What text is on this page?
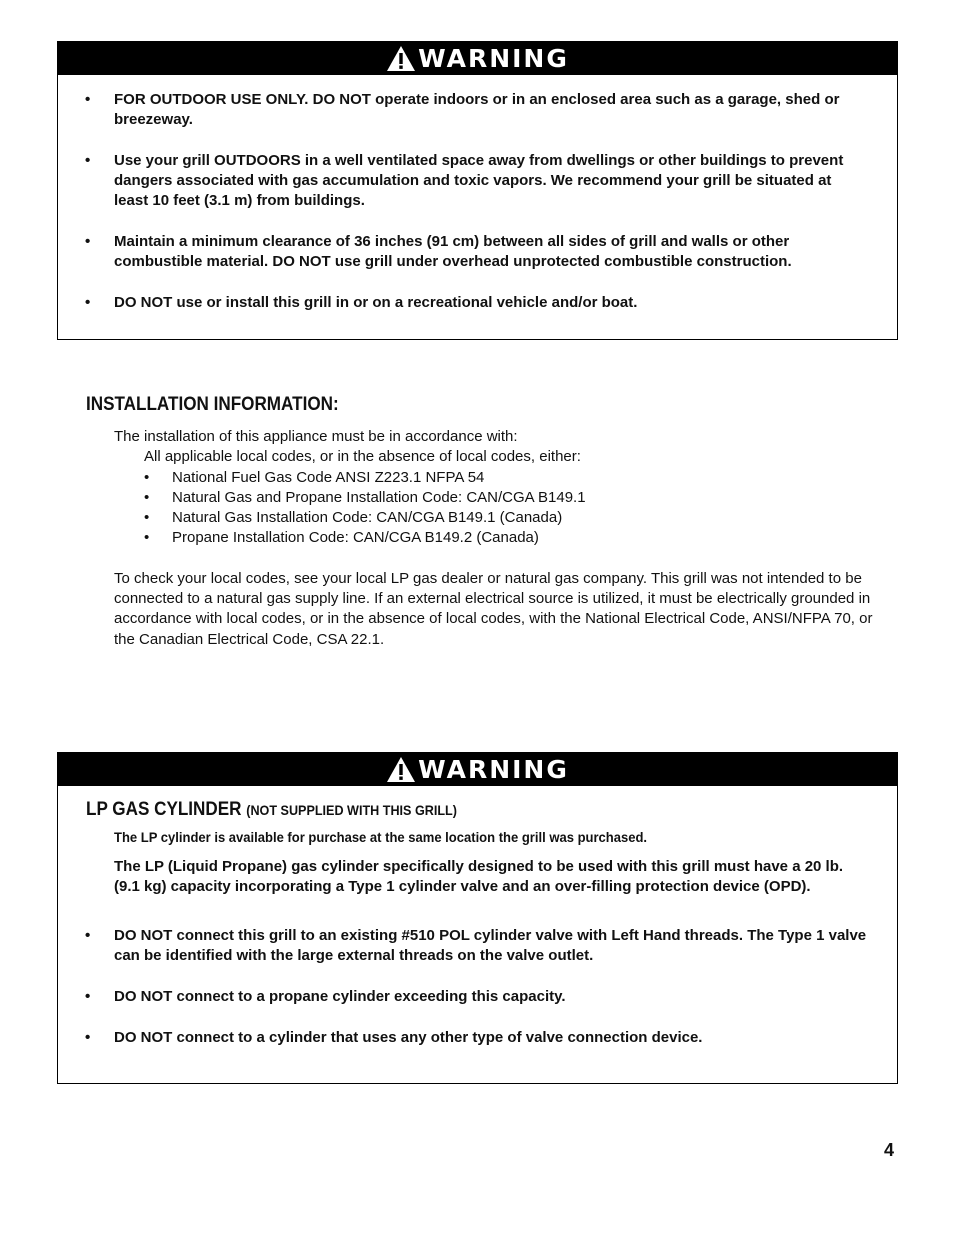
WARNING
• FOR OUTDOOR USE ONLY. DO NOT operate indoors or in an enclosed area such as a garage, shed or breezeway.
• Use your grill OUTDOORS in a well ventilated space away from dwellings or other buildings to prevent dangers associated with gas accumulation and toxic vapors. We recommend your grill be situated at least 10 feet (3.1 m) from buildings.
• Maintain a minimum clearance of 36 inches (91 cm) between all sides of grill and walls or other combustible material. DO NOT use grill under overhead unprotected combustible construction.
• DO NOT use or install this grill in or on a recreational vehicle and/or boat.
INSTALLATION INFORMATION:

The installation of this appliance must be in accordance with:

All applicable local codes, or in the absence of local codes, either:

• National Fuel Gas Code ANSI Z223.1 NFPA 54
• Natural Gas and Propane Installation Code: CAN/CGA B149.1
• Natural Gas Installation Code: CAN/CGA B149.1 (Canada)
• Propane Installation Code: CAN/CGA B149.2 (Canada)

To check your local codes, see your local LP gas dealer or natural gas company. This grill was not intended to be connected to a natural gas supply line. If an external electrical source is utilized, it must be electrically grounded in accordance with local codes, or in the absence of local codes, with the National Electrical Code, ANSI/NFPA 70, or the Canadian Electrical Code, CSA 22.1.

WARNING
LP GAS CYLINDER (NOT SUPPLIED WITH THIS GRILL)

The LP cylinder is available for purchase at the same location the grill was purchased.

The LP (Liquid Propane) gas cylinder specifically designed to be used with this grill must have a 20 lb. (9.1 kg) capacity incorporating a Type 1 cylinder valve and an over-filling protection device (OPD).

• DO NOT connect this grill to an existing #510 POL cylinder valve with Left Hand threads. The Type 1 valve can be identified with the large external threads on the valve outlet.
• DO NOT connect to a propane cylinder exceeding this capacity.
• DO NOT connect to a cylinder that uses any other type of valve connection device.
4
